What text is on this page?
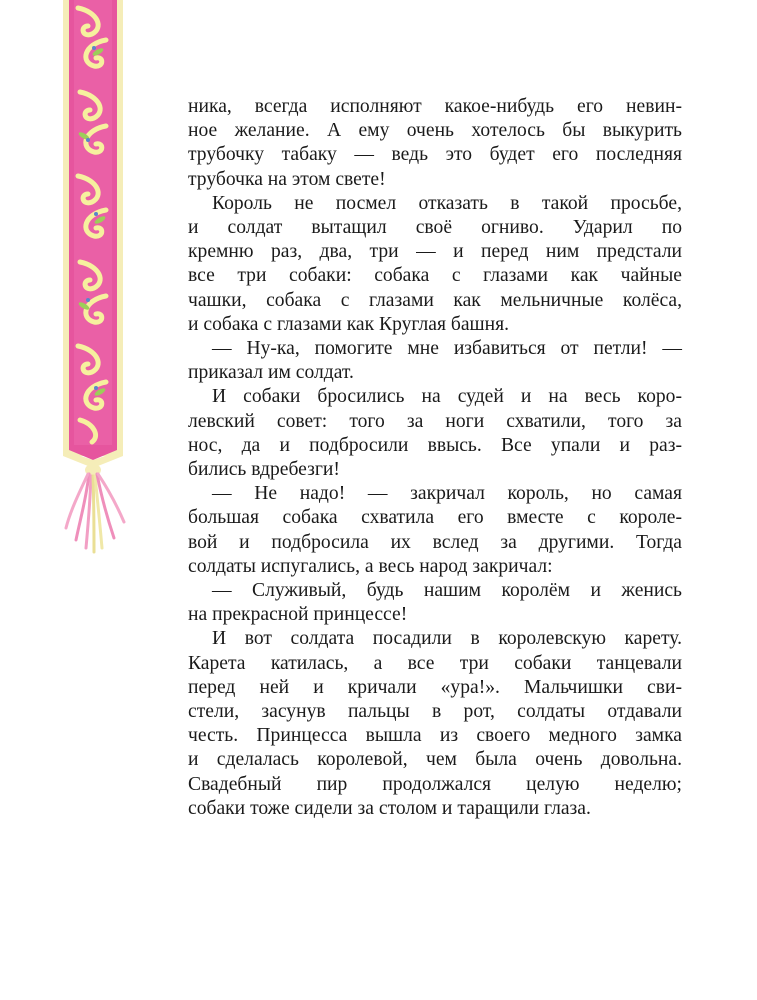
ника, всегда исполняют какое-нибудь его невин-
ное желание. А ему очень хотелось бы выкурить
трубочку табаку — ведь это будет его последняя
трубочка на этом свете!
Король не посмел отказать в такой просьбе,
и солдат вытащил своё огниво. Ударил по
кремню раз, два, три — и перед ним предстали
все три собаки: собака с глазами как чайные
чашки, собака с глазами как мельничные колёса,
и собака с глазами как Круглая башня.
— Ну-ка, помогите мне избавиться от петли! —
приказал им солдат.
И собаки бросились на судей и на весь коро-
левский совет: того за ноги схватили, того за
нос, да и подбросили ввысь. Все упали и раз-
бились вдребезги!
— Не надо! — закричал король, но самая
большая собака схватила его вместе с короле-
вой и подбросила их вслед за другими. Тогда
солдаты испугались, а весь народ закричал:
— Служивый, будь нашим королём и женись
на прекрасной принцессе!
И вот солдата посадили в королевскую карету.
Карета катилась, а все три собаки танцевали
перед ней и кричали «ура!». Мальчишки сви-
стели, засунув пальцы в рот, солдаты отдавали
честь. Принцесса вышла из своего медного замка
и сделалась королевой, чем была очень довольна.
Свадебный пир продолжался целую неделю;
собаки тоже сидели за столом и таращили глаза.
